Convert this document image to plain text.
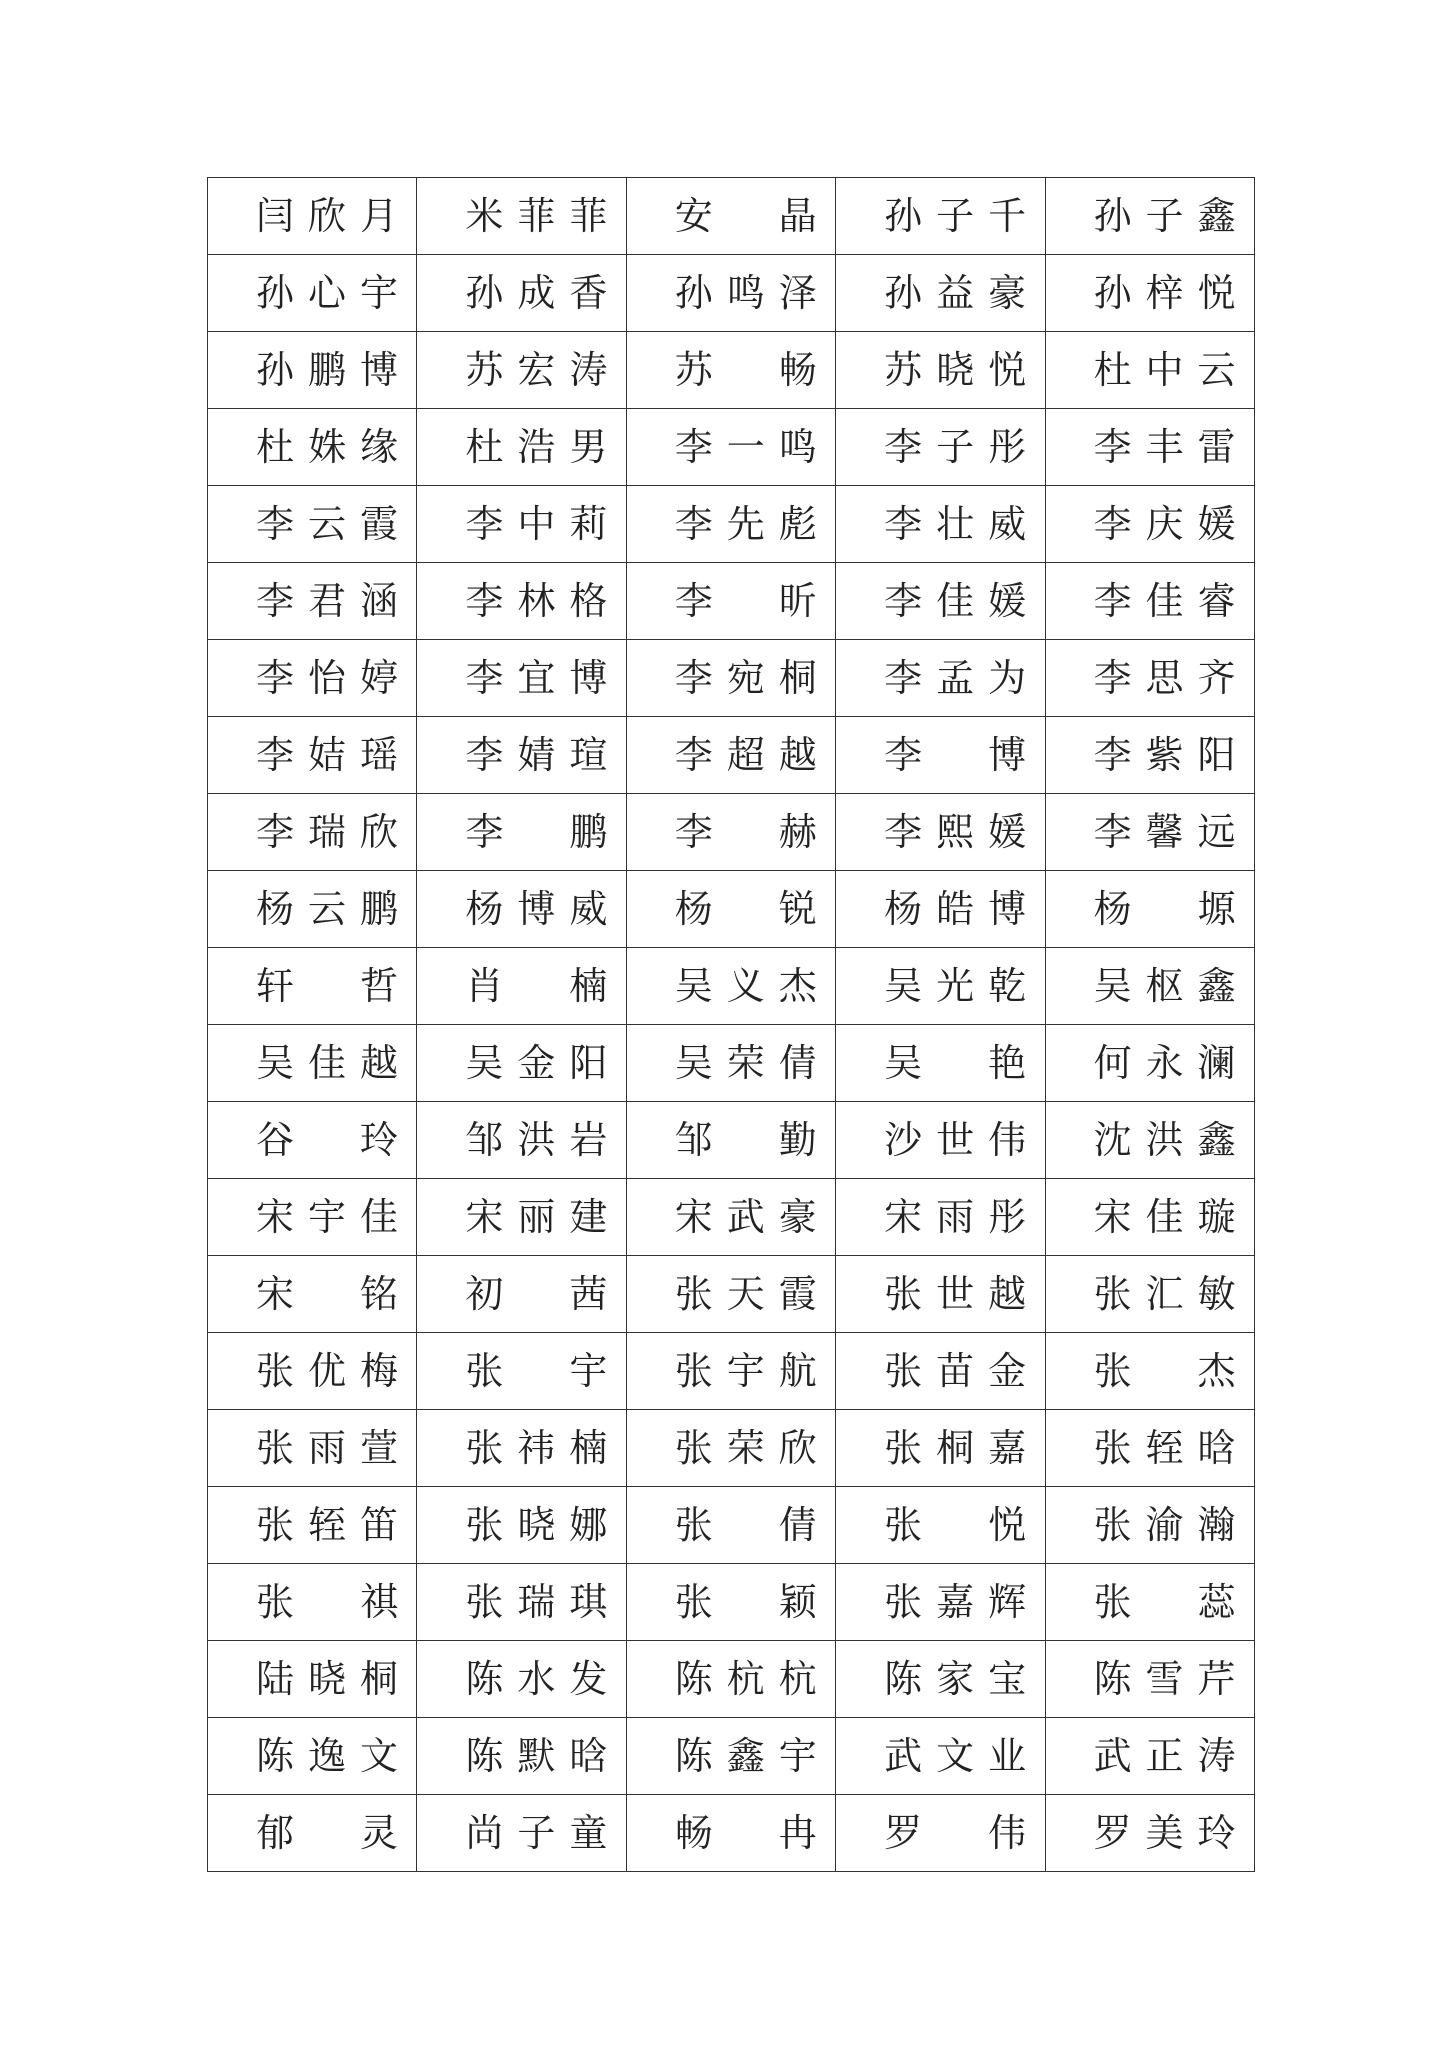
闫欣月	米菲菲	安　晶	孙子千	孙子鑫
孙心宇	孙成香	孙鸣泽	孙益豪	孙梓悦
孙鹏博	苏宏涛	苏　畅	苏晓悦	杜中云
杜姝缘	杜浩男	李一鸣	李子彤	李丰雷
李云霞	李中莉	李先彪	李壮威	李庆媛
李君涵	李林格	李　昕	李佳媛	李佳睿
李怡婷	李宜博	李宛桐	李孟为	李思齐
李姞瑶	李婧瑄	李超越	李　博	李紫阳
李瑞欣	李　鹏	李　赫	李熙媛	李馨远
杨云鹏	杨博威	杨　锐	杨皓博	杨　塬
轩　哲	肖　楠	吴义杰	吴光乾	吴枢鑫
吴佳越	吴金阳	吴荣倩	吴　艳	何永澜
谷　玲	邹洪岩	邹　勤	沙世伟	沈洪鑫
宋宇佳	宋丽建	宋武豪	宋雨彤	宋佳璇
宋　铭	初　茜	张天霞	张世越	张汇敏
张优梅	张　宇	张宇航	张苗金	张　杰
张雨萱	张祎楠	张荣欣	张桐嘉	张轾晗
张轾笛	张晓娜	张　倩	张　悦	张渝瀚
张　祺	张瑞琪	张　颖	张嘉辉	张　蕊
陆晓桐	陈水发	陈杭杭	陈家宝	陈雪芹
陈逸文	陈默晗	陈鑫宇	武文业	武正涛
郁　灵	尚子童	畅　冉	罗　伟	罗美玲
